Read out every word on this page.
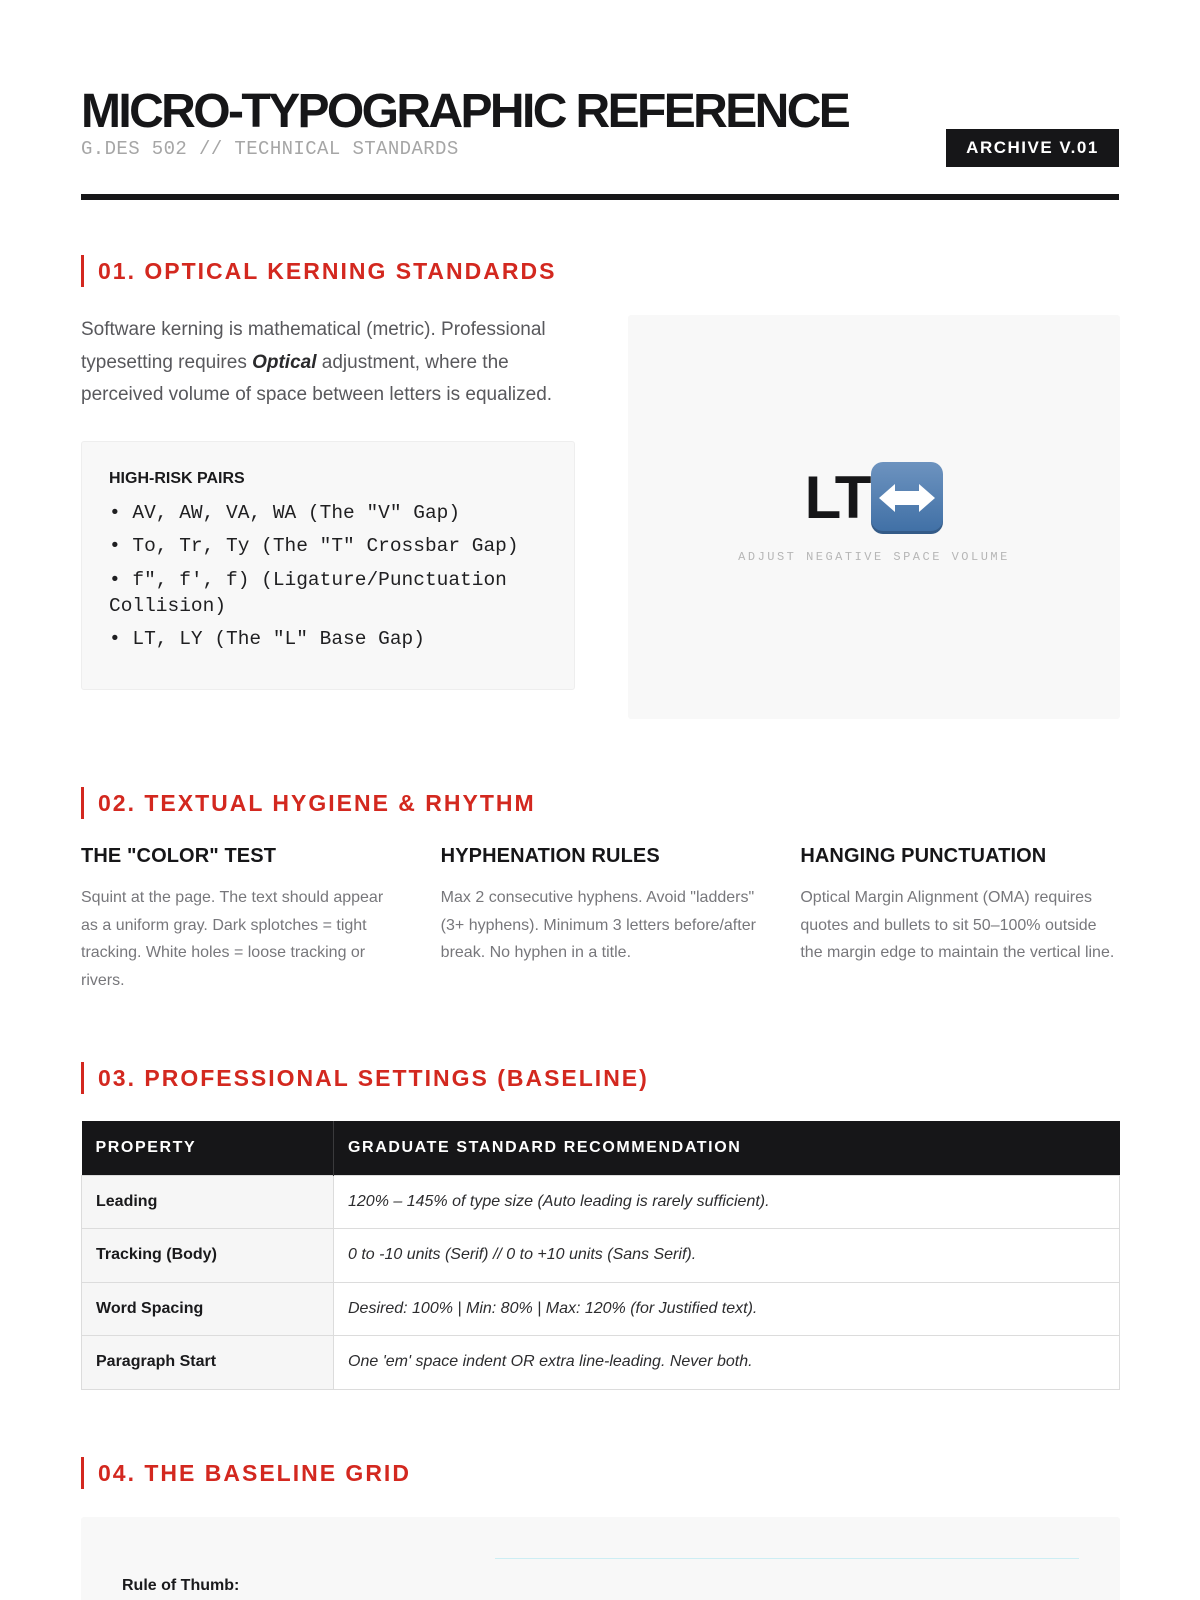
MICRO-TYPOGRAPHIC REFERENCE
G.DES 502 // TECHNICAL STANDARDS	ARCHIVE V.01
01. OPTICAL KERNING STANDARDS

Software kerning is mathematical (metric). Professional typesetting requires Optical adjustment, where the perceived volume of space between letters is equalized.

HIGH-RISK PAIRS
• AV, AW, VA, WA (The "V" Gap)
• To, Tr, Ty (The "T" Crossbar Gap)
• f", f', f) (Ligature/Punctuation Collision)
• LT, LY (The "L" Base Gap)
LT
ADJUST NEGATIVE SPACE VOLUME
02. TEXTUAL HYGIENE & RHYTHM
THE "COLOR" TEST

Squint at the page. The text should appear as a uniform gray. Dark splotches = tight tracking. White holes = loose tracking or rivers.

HYPHENATION RULES

Max 2 consecutive hyphens. Avoid "ladders" (3+ hyphens). Minimum 3 letters before/after break. No hyphen in a title.

HANGING PUNCTUATION

Optical Margin Alignment (OMA) requires quotes and bullets to sit 50–100% outside the margin edge to maintain the vertical line.

03. PROFESSIONAL SETTINGS (BASELINE)
PROPERTY	GRADUATE STANDARD RECOMMENDATION
Leading	120% – 145% of type size (Auto leading is rarely sufficient).
Tracking (Body)	0 to -10 units (Serif) // 0 to +10 units (Sans Serif).
Word Spacing	Desired: 100% | Min: 80% | Max: 120% (for Justified text).
Paragraph Start	One 'em' space indent OR extra line-leading. Never both.
04. THE BASELINE GRID
Rule of Thumb:
